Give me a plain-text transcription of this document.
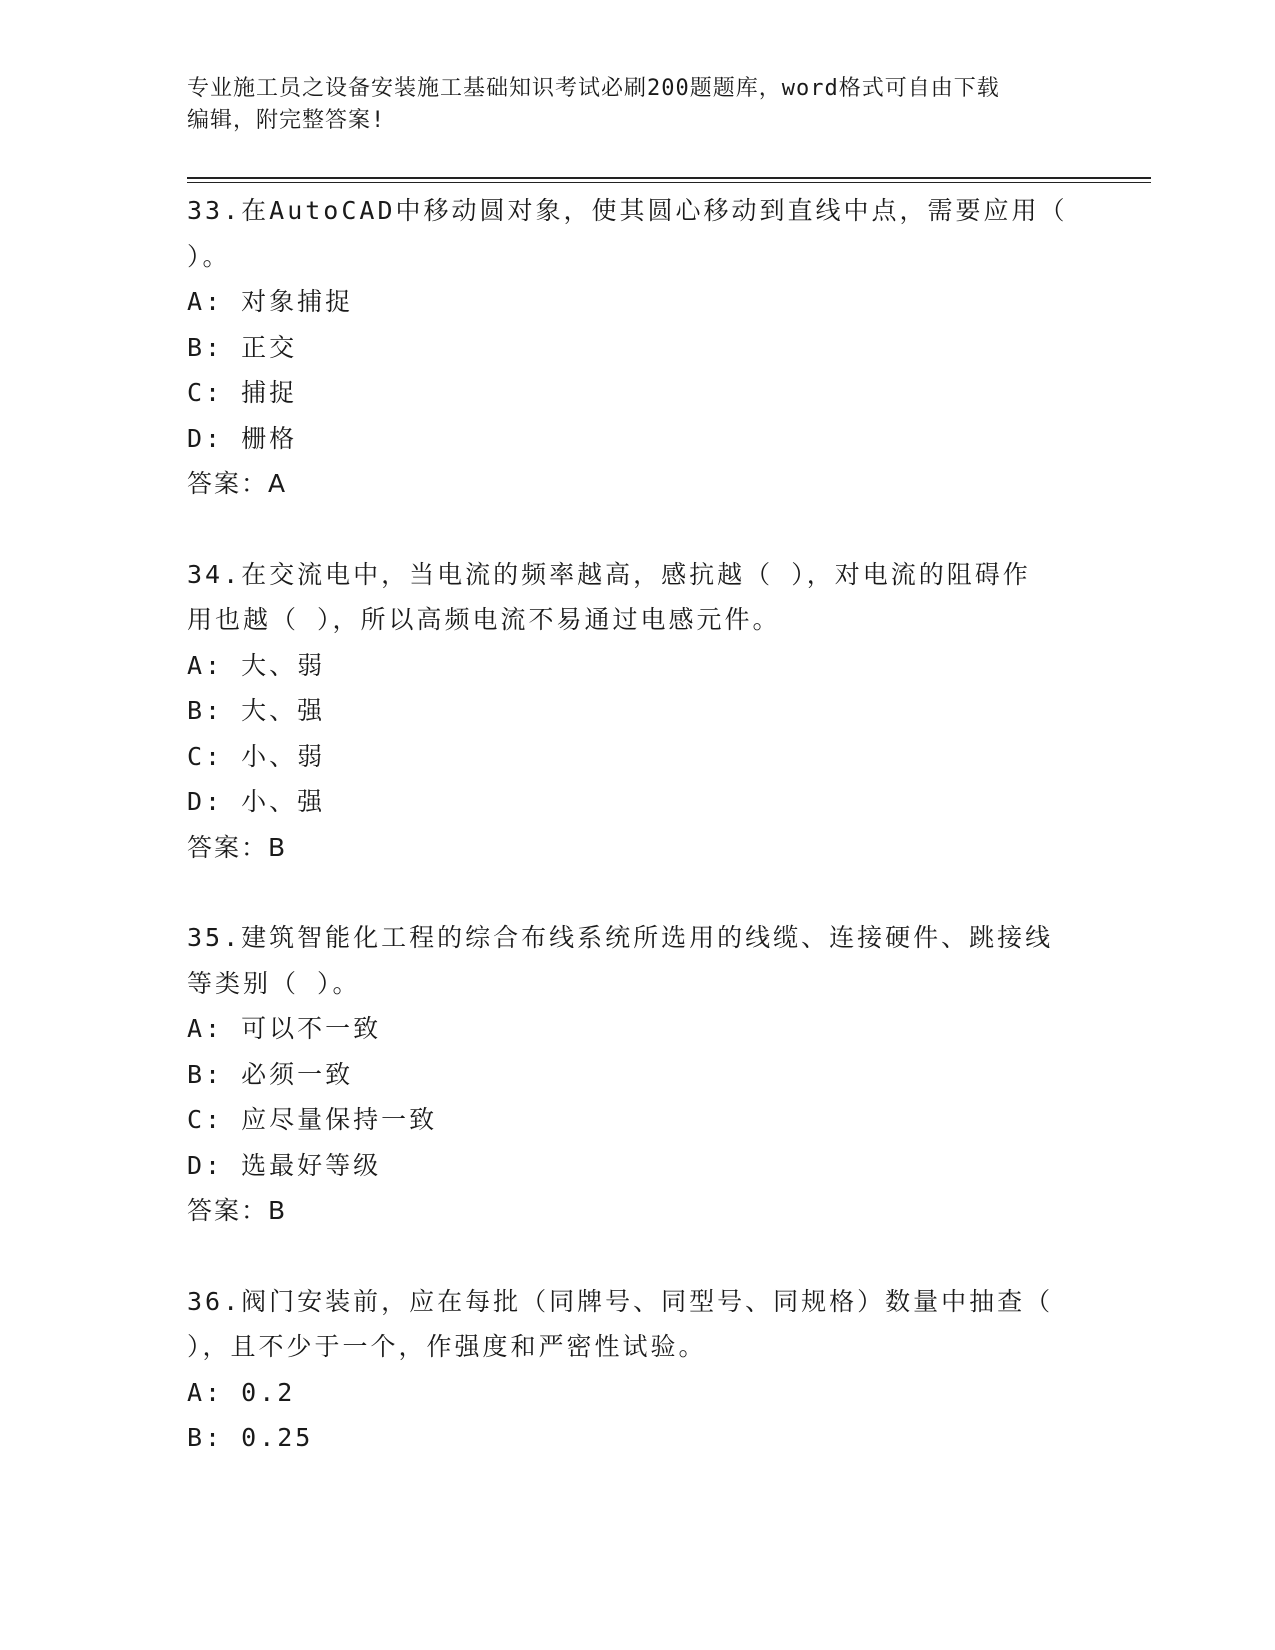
专业施工员之设备安装施工基础知识考试必刷200题题库，word格式可自由下载
编辑，附完整答案!
33.在AutoCAD中移动圆对象，使其圆心移动到直线中点，需要应用（
）。
A: 对象捕捉
B: 正交
C: 捕捉
D: 栅格
答案：A
34.在交流电中，当电流的频率越高，感抗越（ ），对电流的阻碍作
用也越（ ），所以高频电流不易通过电感元件。
A: 大、弱
B: 大、强
C: 小、弱
D: 小、强
答案：B
35.建筑智能化工程的综合布线系统所选用的线缆、连接硬件、跳接线
等类别（ ）。
A: 可以不一致
B: 必须一致
C: 应尽量保持一致
D: 选最好等级
答案：B
36.阀门安装前，应在每批（同牌号、同型号、同规格）数量中抽查（
），且不少于一个，作强度和严密性试验。
A: 0.2
B: 0.25
